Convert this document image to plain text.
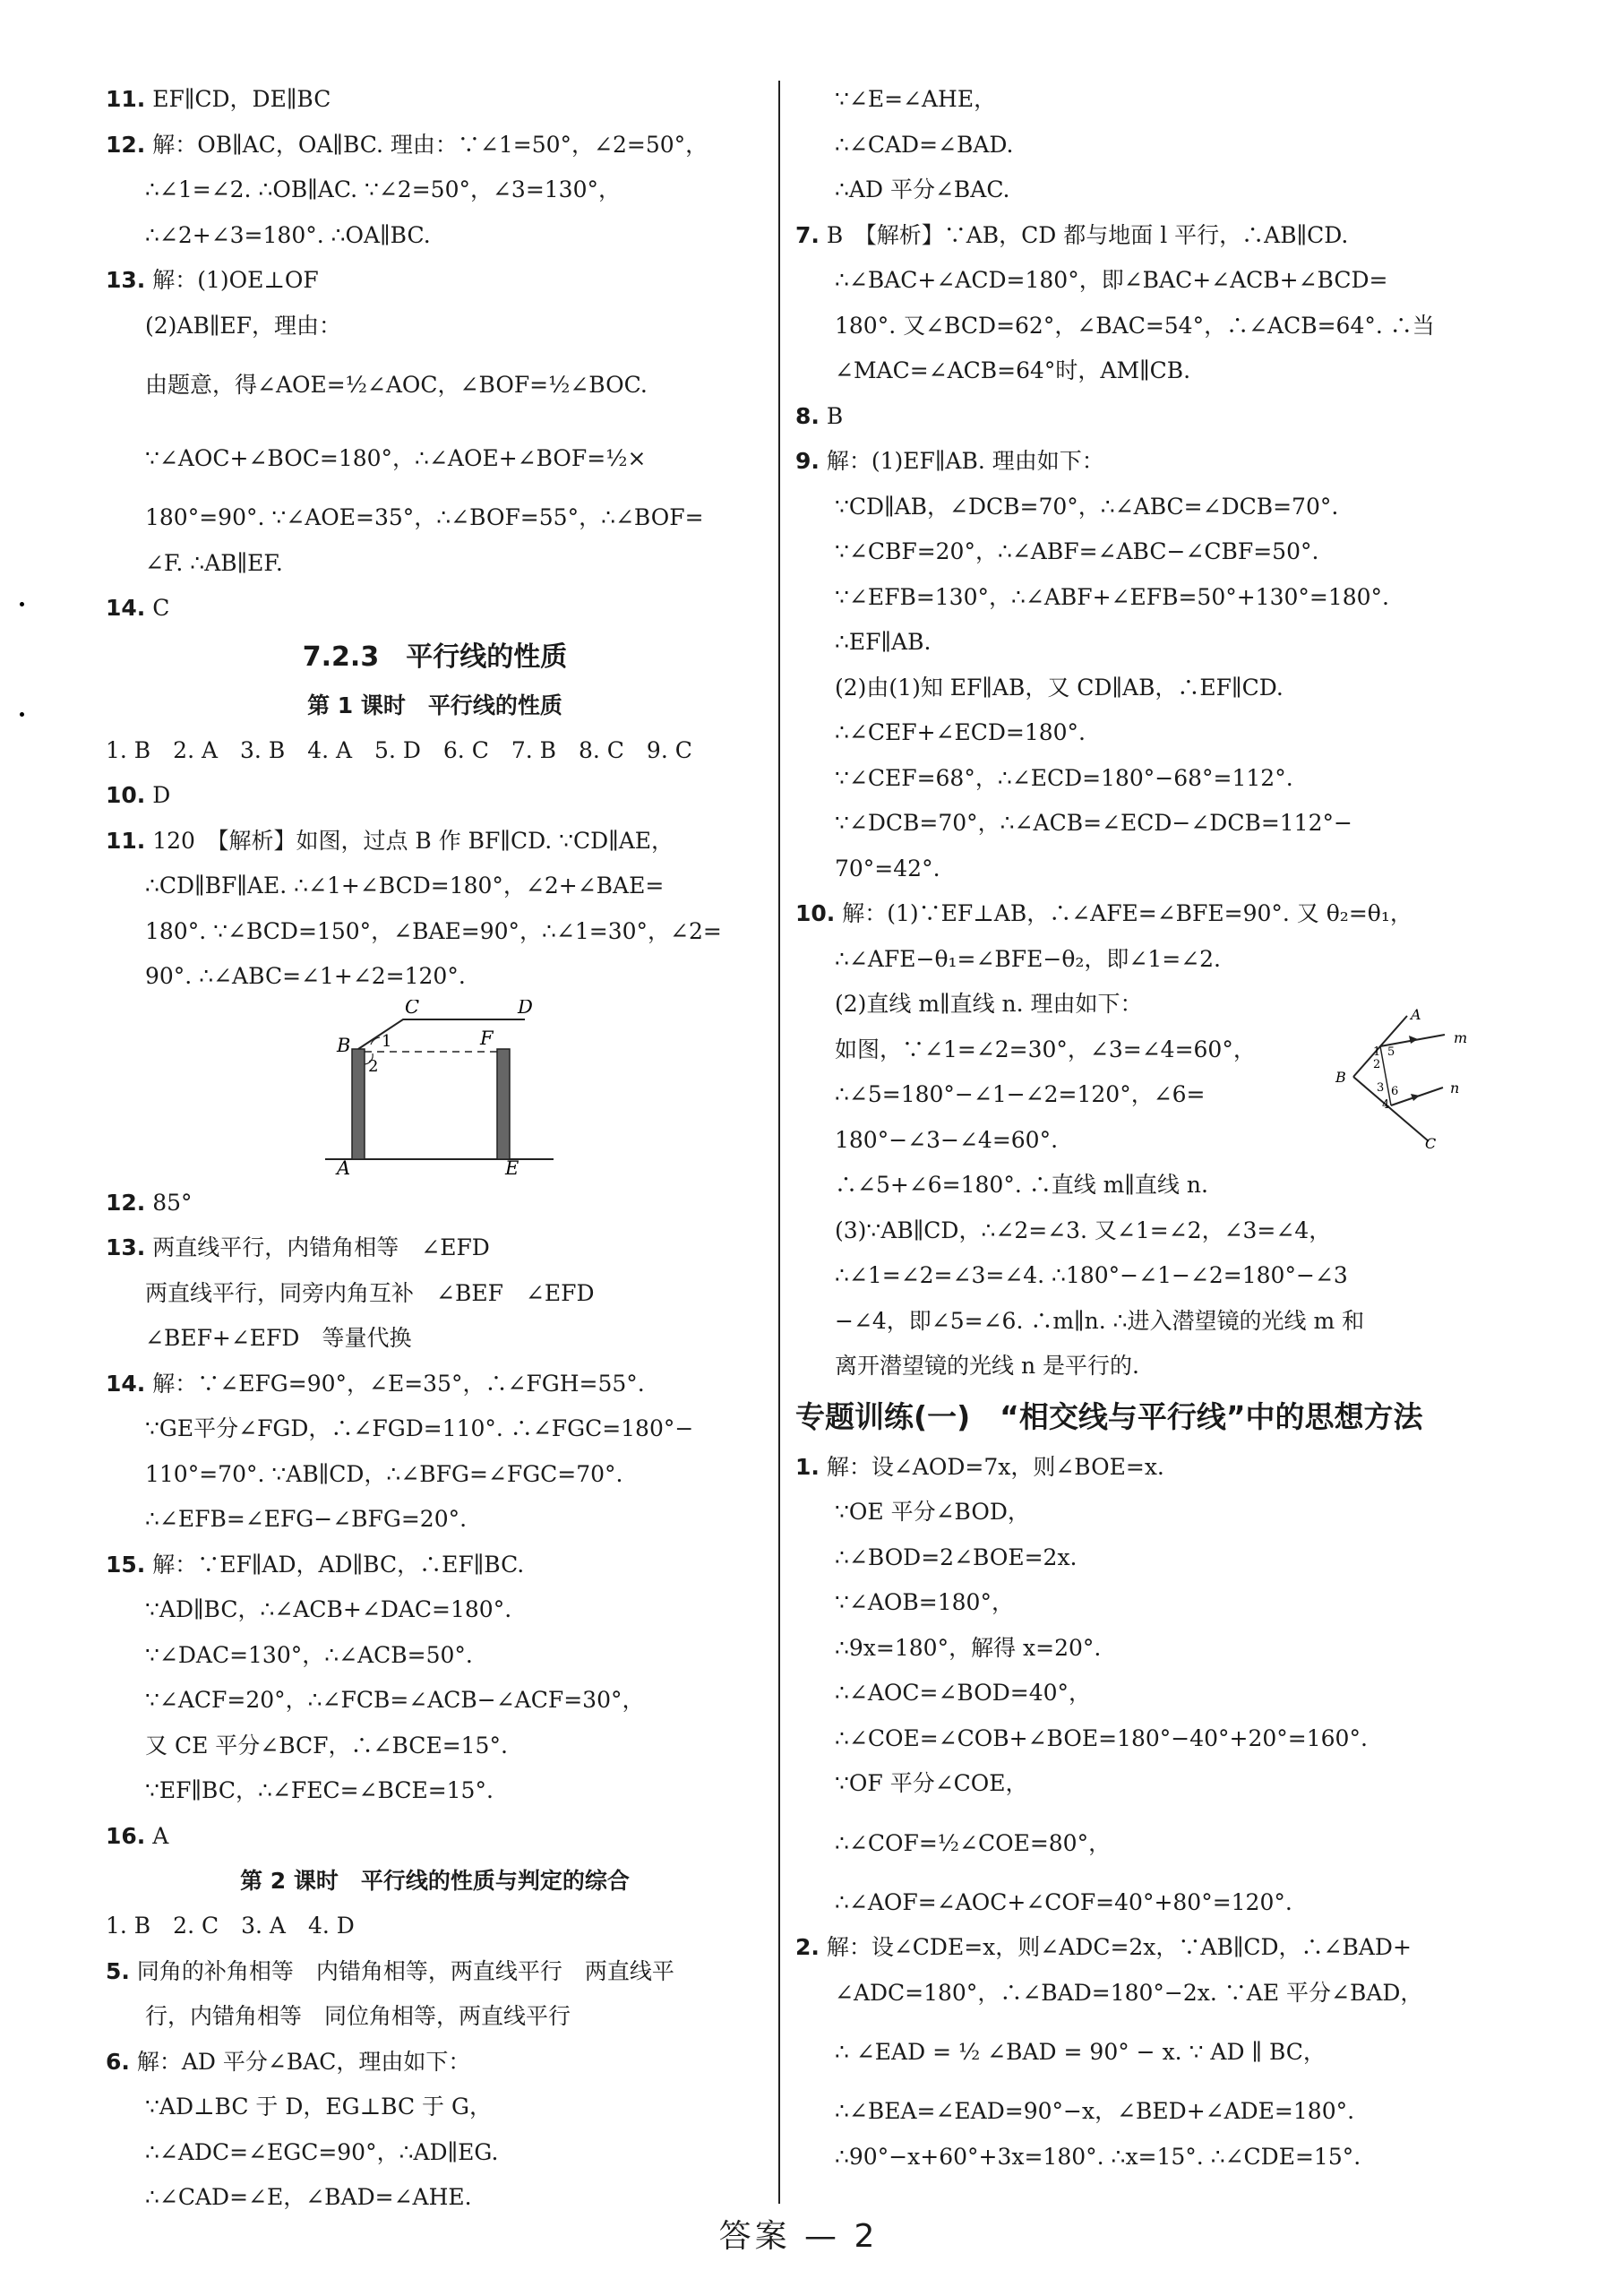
11. EF∥CD，DE∥BC
12. 解：OB∥AC，OA∥BC. 理由：∵∠1=50°，∠2=50°，
∴∠1=∠2. ∴OB∥AC. ∵∠2=50°，∠3=130°，
∴∠2+∠3=180°. ∴OA∥BC.
13. 解：(1)OE⊥OF
(2)AB∥EF，理由：
由题意，得∠AOE=½∠AOC，∠BOF=½∠BOC.
∵∠AOC+∠BOC=180°，∴∠AOE+∠BOF=½×
180°=90°. ∵∠AOE=35°，∴∠BOF=55°，∴∠BOF=
∠F. ∴AB∥EF.
14. C
7.2.3　平行线的性质
第 1 课时　平行线的性质
1. B　2. A　3. B　4. A　5. D　6. C　7. B　8. C　9. C
10. D
11. 120　【解析】如图，过点 B 作 BF∥CD. ∵CD∥AE，
∴CD∥BF∥AE. ∴∠1+∠BCD=180°，∠2+∠BAE=
180°. ∵∠BCD=150°，∠BAE=90°，∴∠1=30°，∠2=
90°. ∴∠ABC=∠1+∠2=120°.
B
C	D
F
1
2
A	E
12. 85°
13. 两直线平行，内错角相等　∠EFD
两直线平行，同旁内角互补　∠BEF　∠EFD
∠BEF+∠EFD　等量代换
14. 解：∵∠EFG=90°，∠E=35°，∴∠FGH=55°.
∵GE平分∠FGD，∴∠FGD=110°. ∴∠FGC=180°−
110°=70°. ∵AB∥CD，∴∠BFG=∠FGC=70°.
∴∠EFB=∠EFG−∠BFG=20°.
15. 解：∵EF∥AD，AD∥BC，∴EF∥BC.
∵AD∥BC，∴∠ACB+∠DAC=180°.
∵∠DAC=130°，∴∠ACB=50°.
∵∠ACF=20°，∴∠FCB=∠ACB−∠ACF=30°，
又 CE 平分∠BCF，∴∠BCE=15°.
∵EF∥BC，∴∠FEC=∠BCE=15°.
16. A
第 2 课时　平行线的性质与判定的综合
1. B　2. C　3. A　4. D
5. 同角的补角相等　内错角相等，两直线平行　两直线平
行，内错角相等　同位角相等，两直线平行
6. 解：AD 平分∠BAC，理由如下：
∵AD⊥BC 于 D，EG⊥BC 于 G，
∴∠ADC=∠EGC=90°，∴AD∥EG.
∴∠CAD=∠E，∠BAD=∠AHE.
∵∠E=∠AHE，
∴∠CAD=∠BAD.
∴AD 平分∠BAC.
7. B　【解析】∵AB，CD 都与地面 l 平行，∴AB∥CD.
∴∠BAC+∠ACD=180°，即∠BAC+∠ACB+∠BCD=
180°. 又∠BCD=62°，∠BAC=54°，∴∠ACB=64°. ∴当
∠MAC=∠ACB=64°时，AM∥CB.
8. B
9. 解：(1)EF∥AB. 理由如下：
∵CD∥AB，∠DCB=70°，∴∠ABC=∠DCB=70°.
∵∠CBF=20°，∴∠ABF=∠ABC−∠CBF=50°.
∵∠EFB=130°，∴∠ABF+∠EFB=50°+130°=180°.
∴EF∥AB.
(2)由(1)知 EF∥AB，又 CD∥AB，∴EF∥CD.
∴∠CEF+∠ECD=180°.
∵∠CEF=68°，∴∠ECD=180°−68°=112°.
∵∠DCB=70°，∴∠ACB=∠ECD−∠DCB=112°−
70°=42°.
10. 解：(1)∵EF⊥AB，∴∠AFE=∠BFE=90°. 又 θ₂=θ₁，
∴∠AFE−θ₁=∠BFE−θ₂，即∠1=∠2.
(2)直线 m∥直线 n. 理由如下：
如图，∵∠1=∠2=30°，∠3=∠4=60°，
∴∠5=180°−∠1−∠2=120°，∠6=
180°−∠3−∠4=60°.
∴∠5+∠6=180°. ∴直线 m∥直线 n.
(3)∵AB∥CD，∴∠2=∠3. 又∠1=∠2，∠3=∠4，
∴∠1=∠2=∠3=∠4. ∴180°−∠1−∠2=180°−∠3
−∠4，即∠5=∠6. ∴m∥n. ∴进入潜望镜的光线 m 和
离开潜望镜的光线 n 是平行的.
专题训练(一)　“相交线与平行线”中的思想方法
1. 解：设∠AOD=7x，则∠BOE=x.
∵OE 平分∠BOD，
∴∠BOD=2∠BOE=2x.
∵∠AOB=180°，
∴9x=180°，解得 x=20°.
∴∠AOC=∠BOD=40°，
∴∠COE=∠COB+∠BOE=180°−40°+20°=160°.
∵OF 平分∠COE，
∴∠COF=½∠COE=80°，
∴∠AOF=∠AOC+∠COF=40°+80°=120°.
2. 解：设∠CDE=x，则∠ADC=2x，∵AB∥CD，∴∠BAD+
∠ADC=180°，∴∠BAD=180°−2x. ∵AE 平分∠BAD，
∴ ∠EAD = ½ ∠BAD = 90° − x. ∵ AD ∥ BC，
∴∠BEA=∠EAD=90°−x，∠BED+∠ADE=180°.
∴90°−x+60°+3x=180°. ∴x=15°. ∴∠CDE=15°.
A
m
n
B
C
1
2
3
4
5
6
答案 — 2
